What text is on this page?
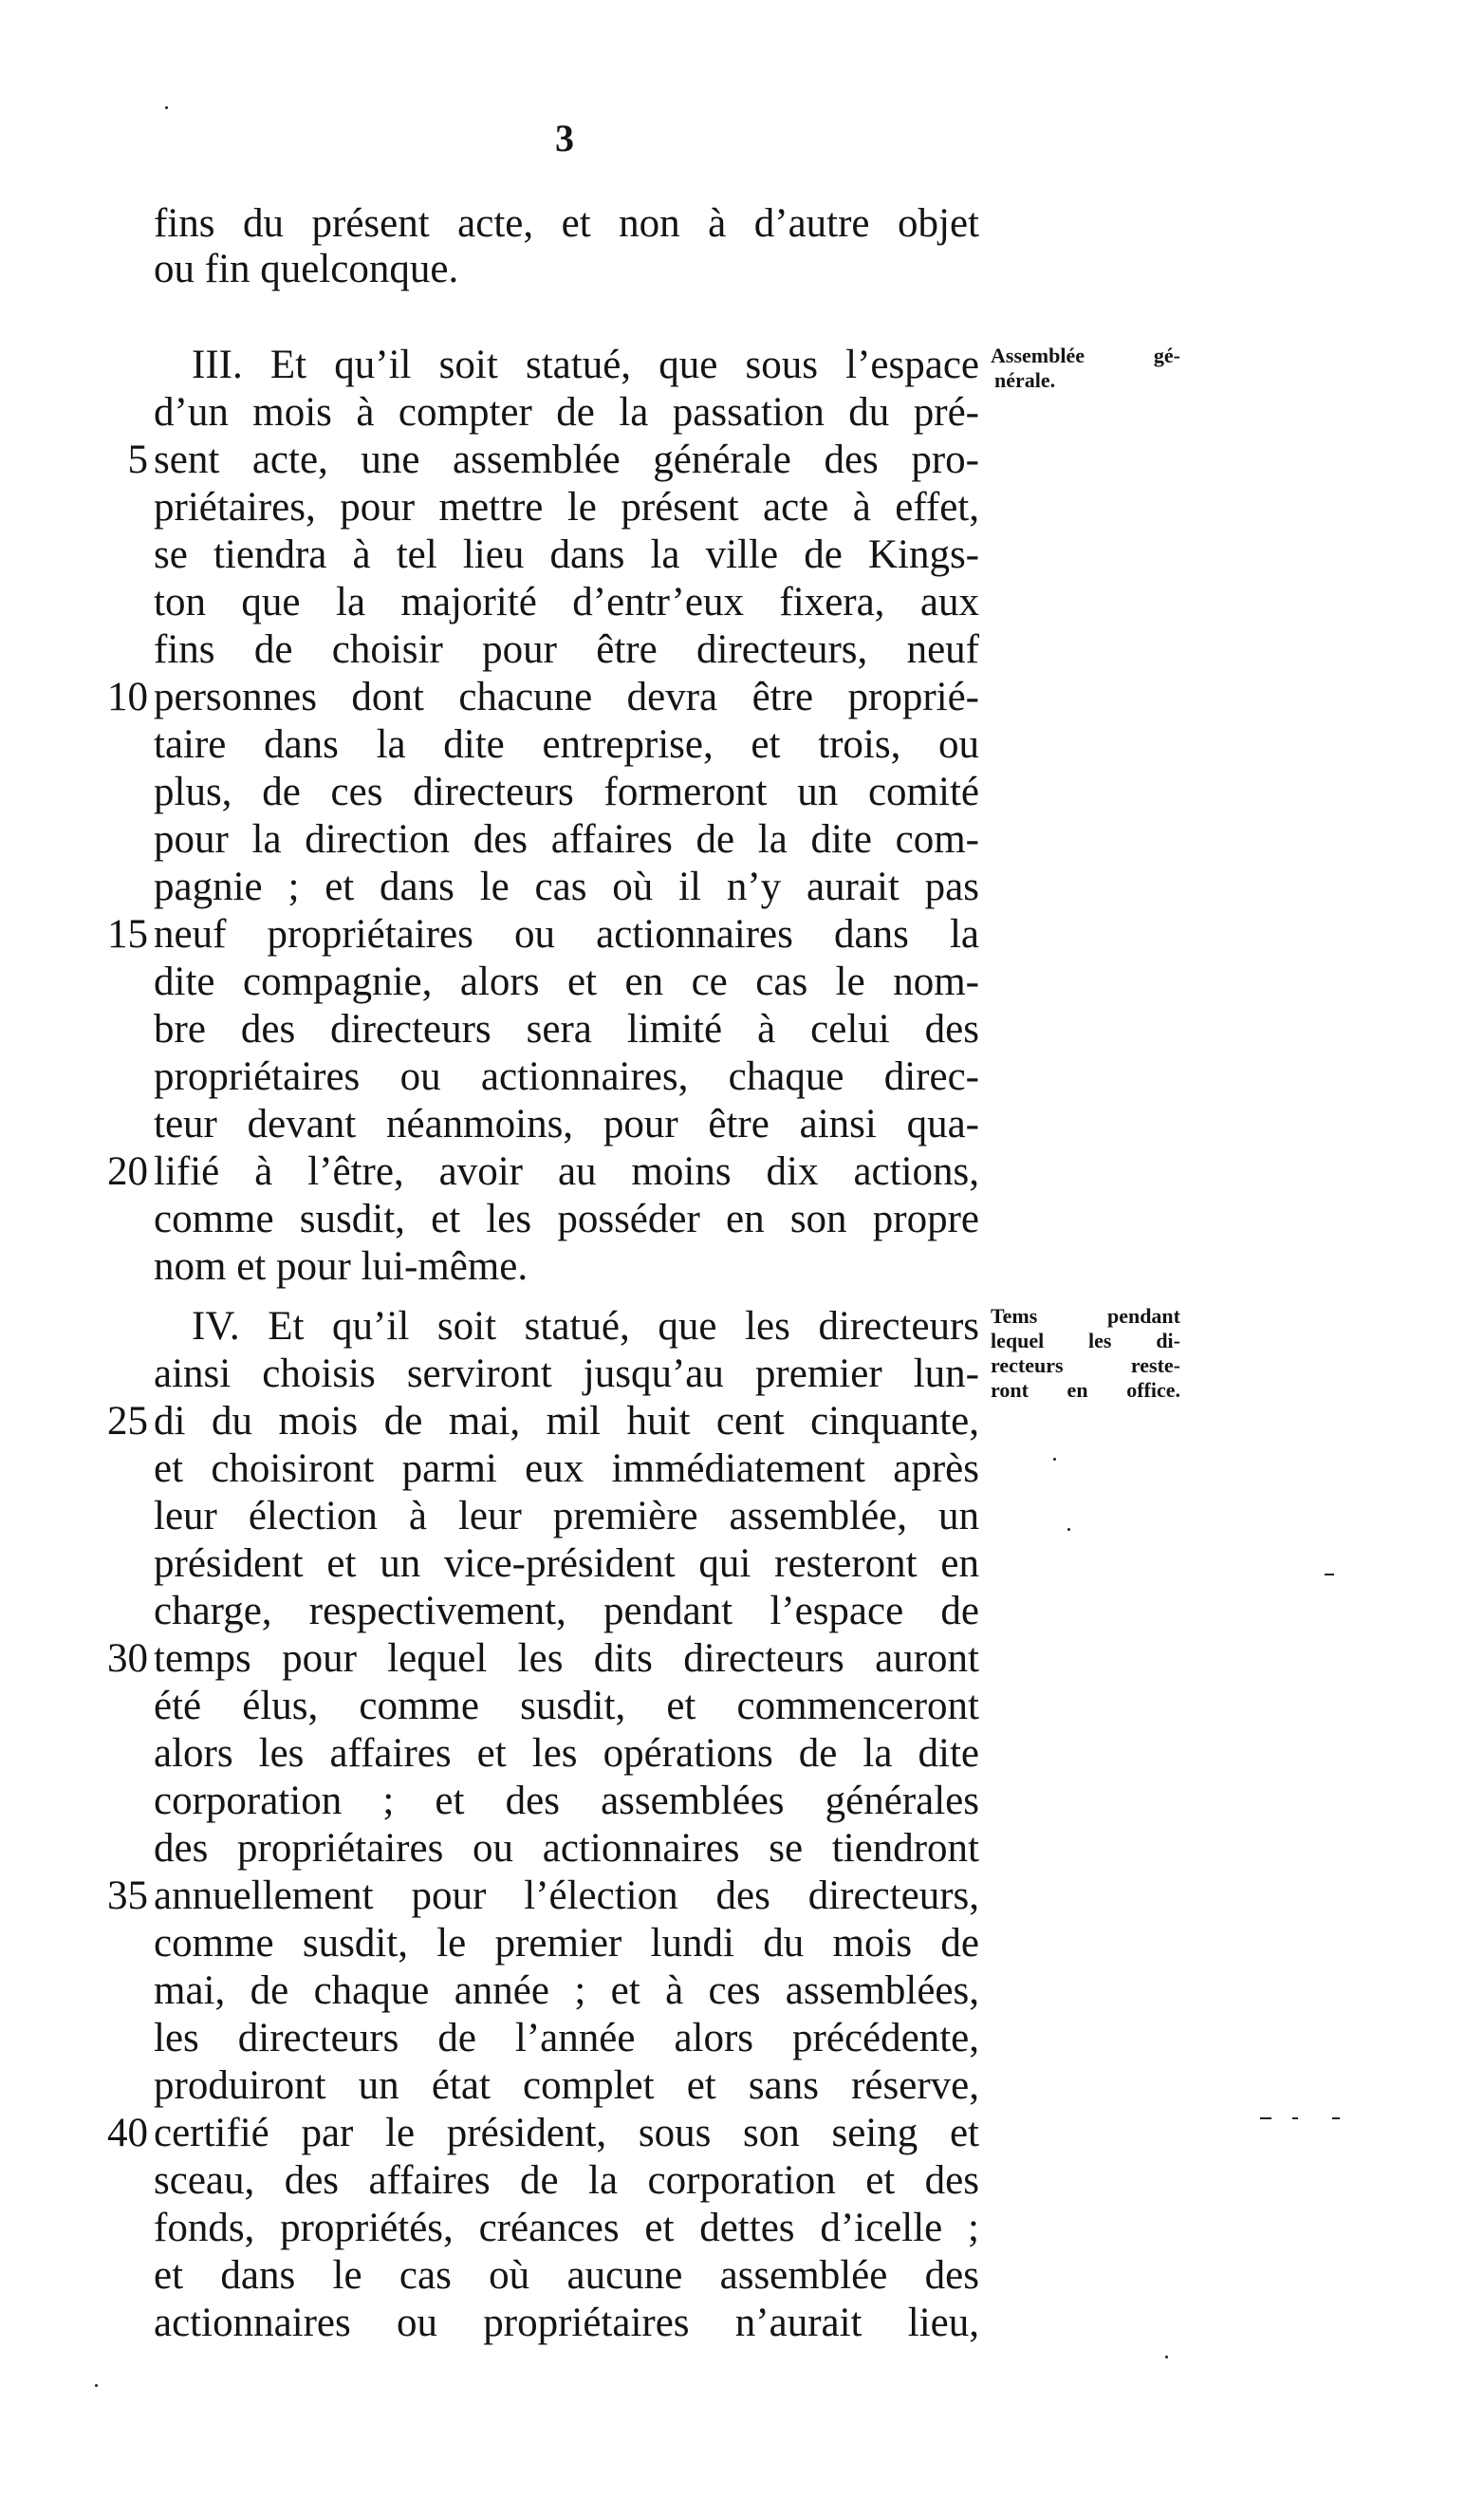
3
fins du présent acte, et non à d’autre objet
ou fin quelconque.
III. Et qu’il soit statué, que sous l’espace
d’un mois à compter de la passation du pré-
sent acte, une assemblée générale des pro-
priétaires, pour mettre le présent acte à effet,
se tiendra à tel lieu dans la ville de Kings-
ton que la majorité d’entr’eux fixera, aux
fins de choisir pour être directeurs, neuf
personnes dont chacune devra être proprié-
taire dans la dite entreprise, et trois, ou
plus, de ces directeurs formeront un comité
pour la direction des affaires de la dite com-
pagnie ; et dans le cas où il n’y aurait pas
neuf propriétaires ou actionnaires dans la
dite compagnie, alors et en ce cas le nom-
bre des directeurs sera limité à celui des
propriétaires ou actionnaires, chaque direc-
teur devant néanmoins, pour être ainsi qua-
lifié à l’être, avoir au moins dix actions,
comme susdit, et les posséder en son propre
nom et pour lui-même.
IV. Et qu’il soit statué, que les directeurs
ainsi choisis serviront jusqu’au premier lun-
di du mois de mai, mil huit cent cinquante,
et choisiront parmi eux immédiatement après
leur élection à leur première assemblée, un
président et un vice-président qui resteront en
charge, respectivement, pendant l’espace de
temps pour lequel les dits directeurs auront
été élus, comme susdit, et commenceront
alors les affaires et les opérations de la dite
corporation ; et des assemblées générales
des propriétaires ou actionnaires se tiendront
annuellement pour l’élection des directeurs,
comme susdit, le premier lundi du mois de
mai, de chaque année ; et à ces assemblées,
les directeurs de l’année alors précédente,
produiront un état complet et sans réserve,
certifié par le président, sous son seing et
sceau, des affaires de la corporation et des
fonds, propriétés, créances et dettes d’icelle ;
et dans le cas où aucune assemblée des
actionnaires ou propriétaires n’aurait lieu,
5
10
15
20
25
30
35
40
Assemblée gé-
nérale.
Tems pendant
lequel les di-
recteurs reste-
ront en office.
